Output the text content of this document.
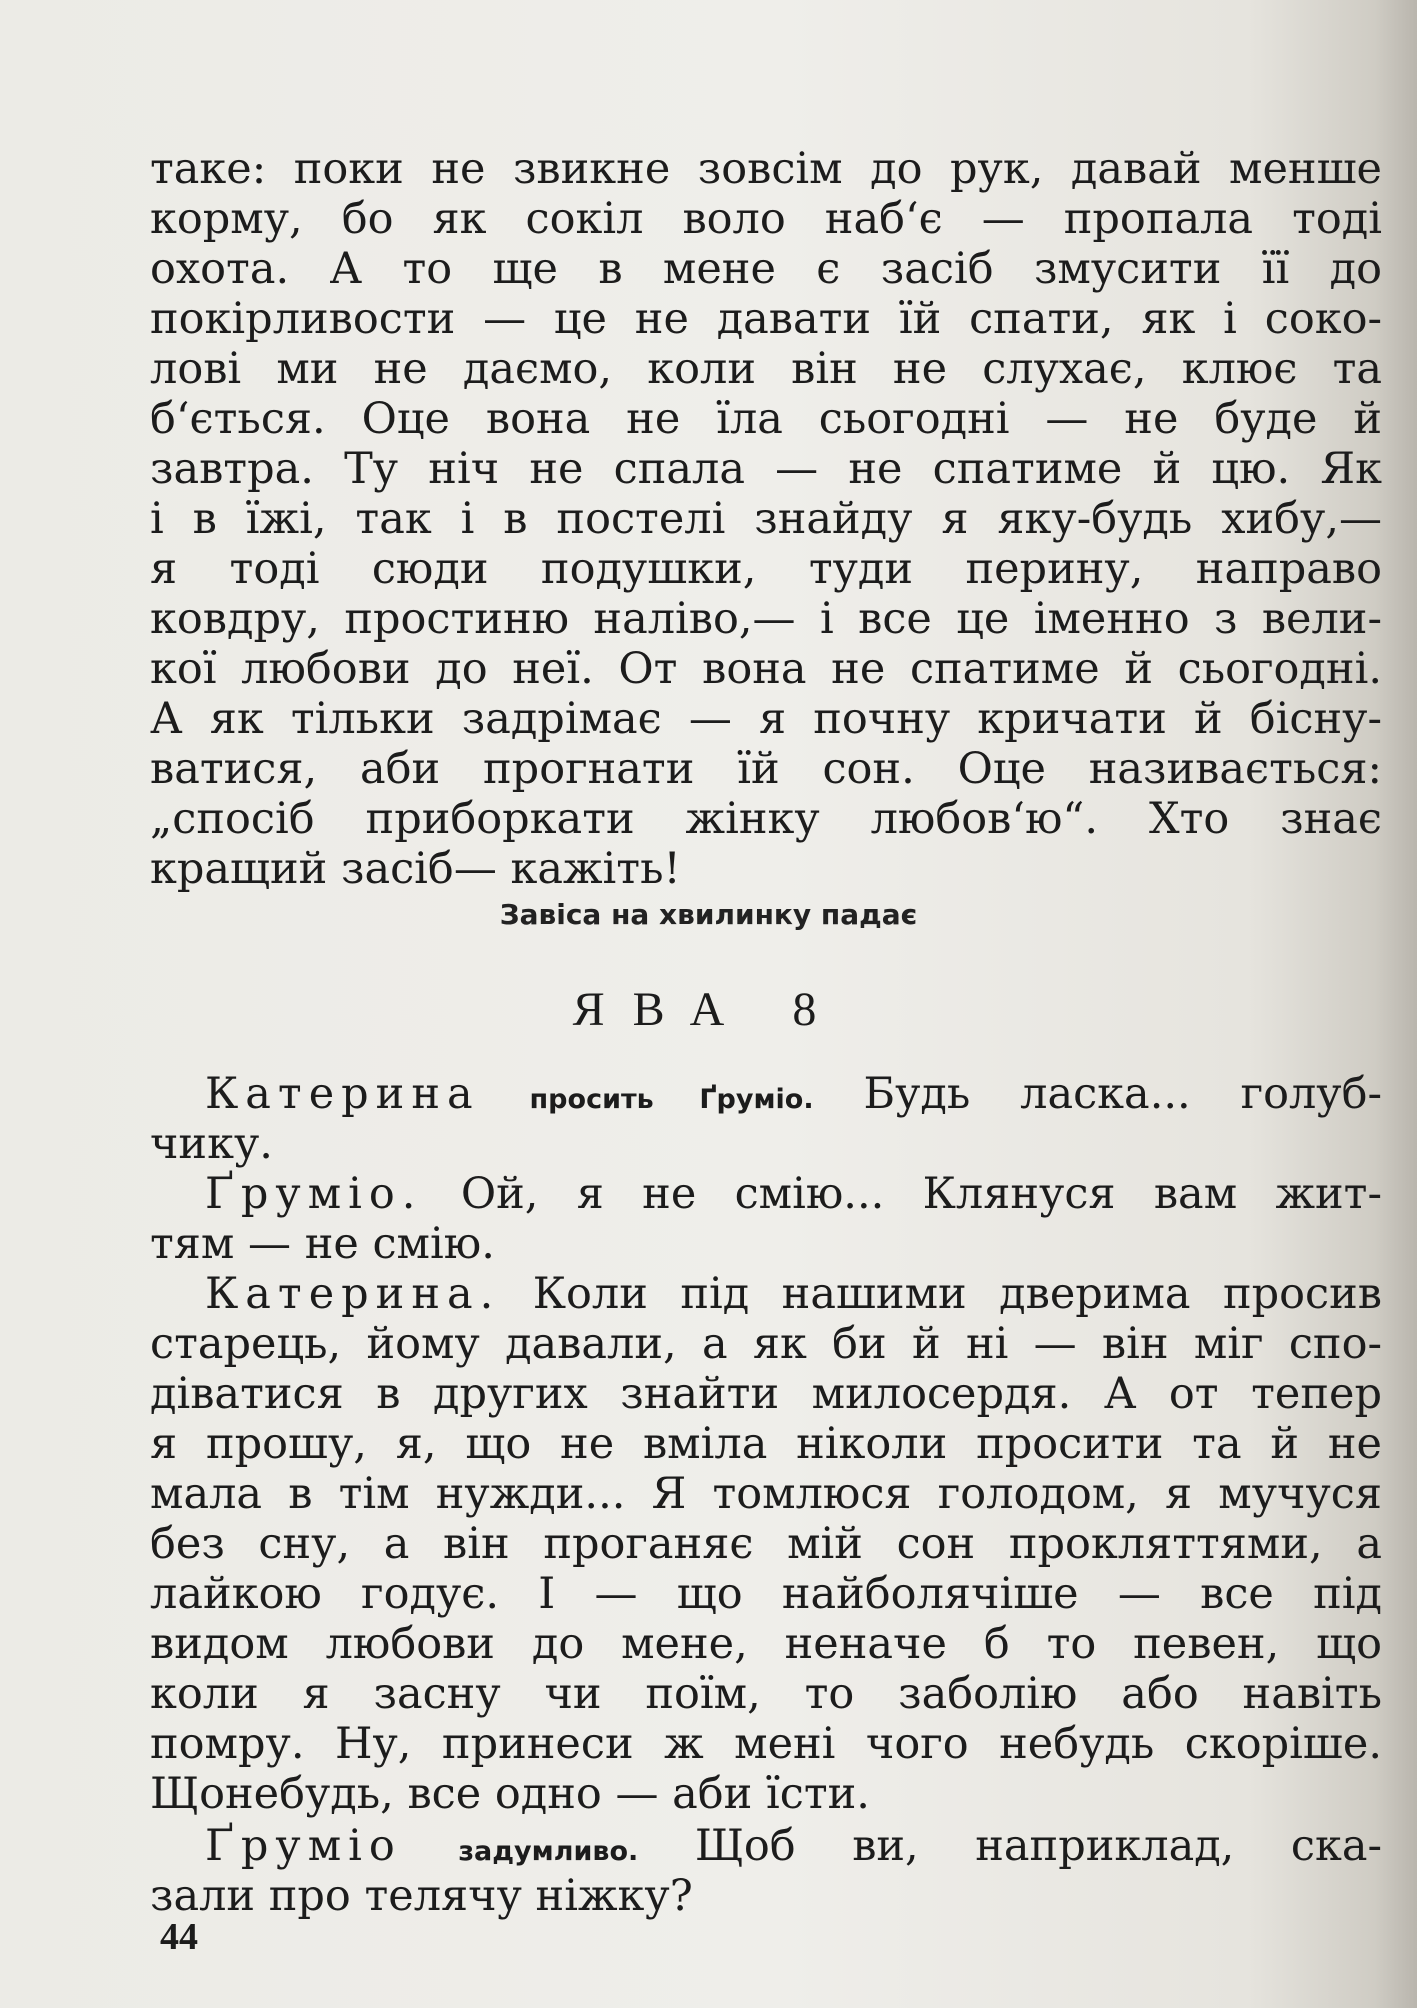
таке: поки не звикне зовсім до рук, давай менше
корму, бо як сокіл воло наб‘є — пропала тоді
охота. А то ще в мене є засіб змусити її до
покірливости — це не давати їй спати, як і соко-
лові ми не даємо, коли він не слухає, клює та
б‘ється. Оце вона не їла сьогодні — не буде й
завтра. Ту ніч не спала — не спатиме й цю. Як
і в їжі, так і в постелі знайду я яку-будь хибу,—
я тоді сюди подушки, туди перину, направо
ковдру, простиню наліво,— і все це іменно з вели-
кої любови до неї. От вона не спатиме й сьогодні.
А як тільки задрімає — я почну кричати й бісну-
ватися, аби прогнати їй сон. Оце називається:
„спосіб приборкати жінку любов‘ю“. Хто знає
кращий засіб— кажіть!
Катерина просить Ґрумiо. Будь ласка... голуб-
чику.
Ґрумiо. Ой, я не смію... Клянуся вам жит-
тям — не смію.
Катерина. Коли під нашими дверима просив
старець, йому давали, а як би й ні — він міг спо-
діватися в других знайти милосердя. А от тепер
я прошу, я, що не вміла ніколи просити та й не
мала в тім нужди... Я томлюся голодом, я мучуся
без сну, а він проганяє мій сон прокляттями, а
лайкою годує. І — що найболячіше — все під
видом любови до мене, неначе б то певен, що
коли я засну чи поїм, то заболію або навіть
помру. Ну, принеси ж мені чого небудь скоріше.
Щонебудь, все одно — аби їсти.
Ґрумiо задумливо. Щоб ви, наприклад, ска-
зали про телячу ніжку?
Завіса на хвилинку падає
ЯВА 8
44
